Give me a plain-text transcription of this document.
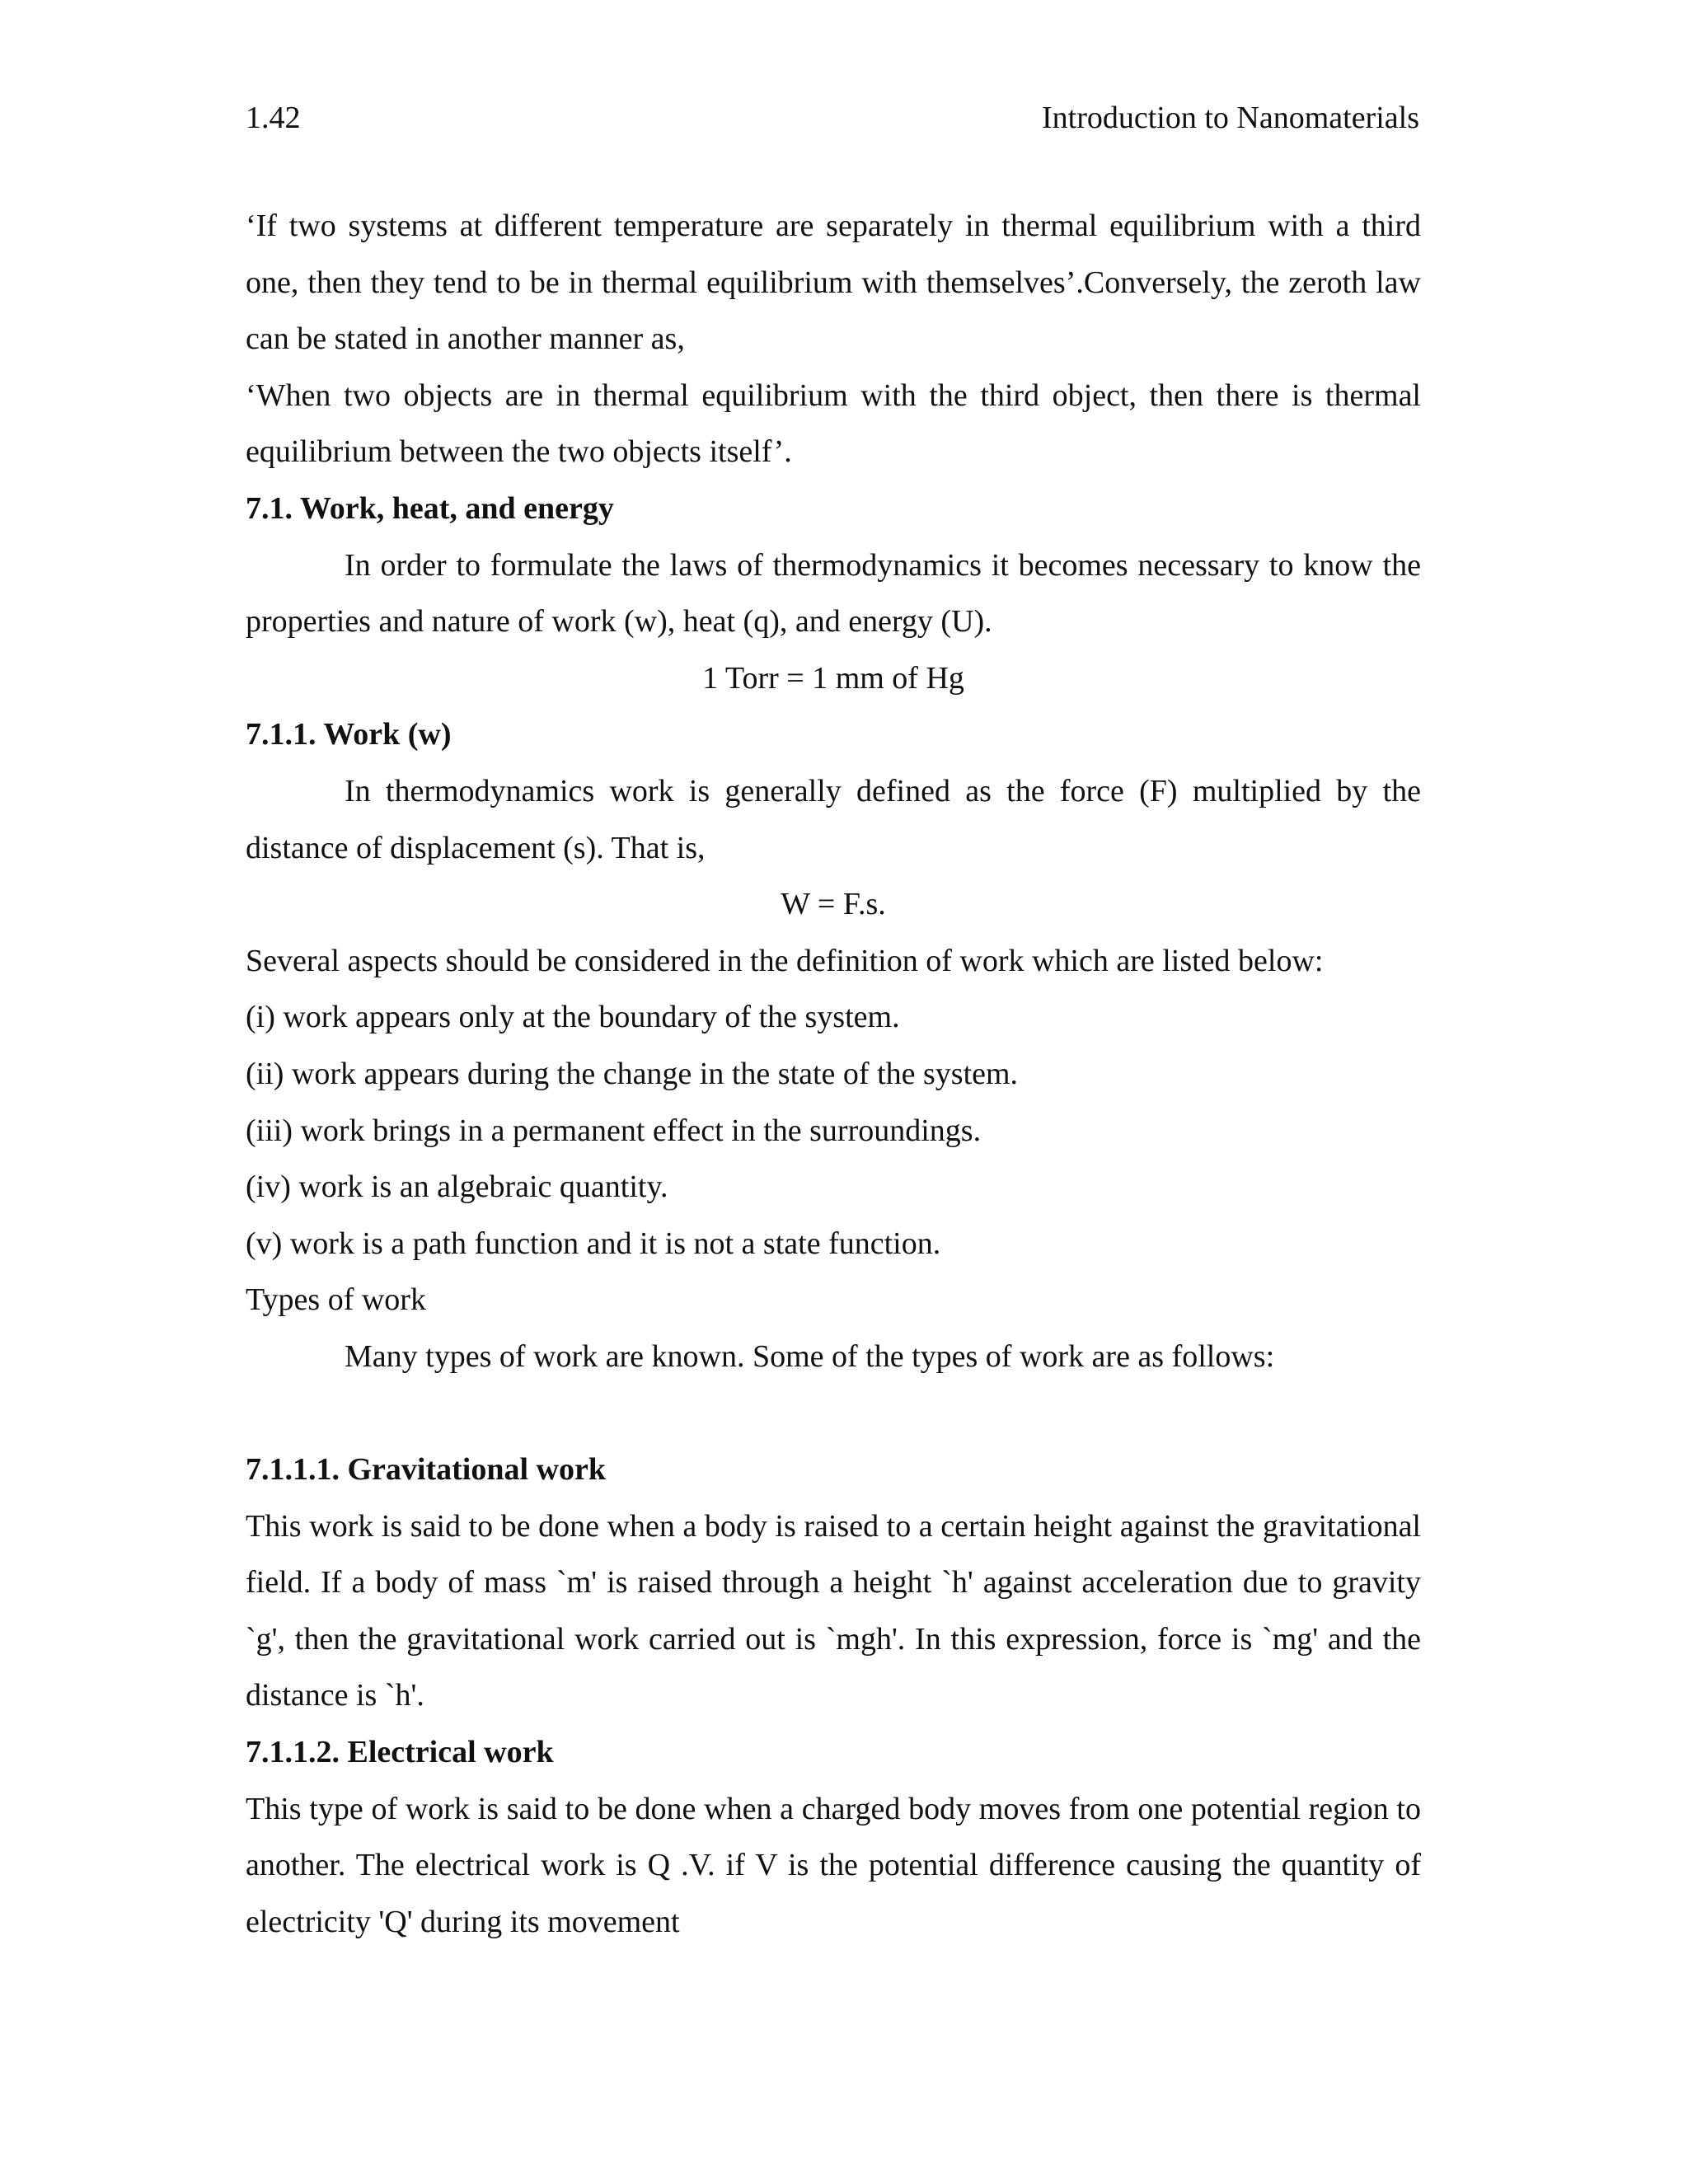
1.42	Introduction to Nanomaterials

‘If two systems at different temperature are separately in thermal equilibrium with a third one, then they tend to be in thermal equilibrium with themselves’.Conversely, the zeroth law can be stated in another manner as,

‘When two objects are in thermal equilibrium with the third object, then there is thermal equilibrium between the two objects itself’.

7.1. Work, heat, and energy

In order to formulate the laws of thermodynamics it becomes necessary to know the properties and nature of work (w), heat (q), and energy (U).

1 Torr = 1 mm of Hg

7.1.1. Work (w)

In thermodynamics work is generally defined as the force (F) multiplied by the distance of displacement (s). That is,

W = F.s.

Several aspects should be considered in the definition of work which are listed below:

(i) work appears only at the boundary of the system.
(ii) work appears during the change in the state of the system.
(iii) work brings in a permanent effect in the surroundings.
(iv) work is an algebraic quantity.
(v) work is a path function and it is not a state function.

Types of work

Many types of work are known. Some of the types of work are as follows:

7.1.1.1. Gravitational work

This work is said to be done when a body is raised to a certain height against the gravitational field. If a body of mass `m' is raised through a height `h' against acceleration due to gravity `g', then the gravitational work carried out is `mgh'. In this expression, force is `mg' and the distance is `h'.

7.1.1.2. Electrical work

This type of work is said to be done when a charged body moves from one potential region to another. The electrical work is Q .V. if V is the potential difference causing the quantity of electricity 'Q' during its movement
